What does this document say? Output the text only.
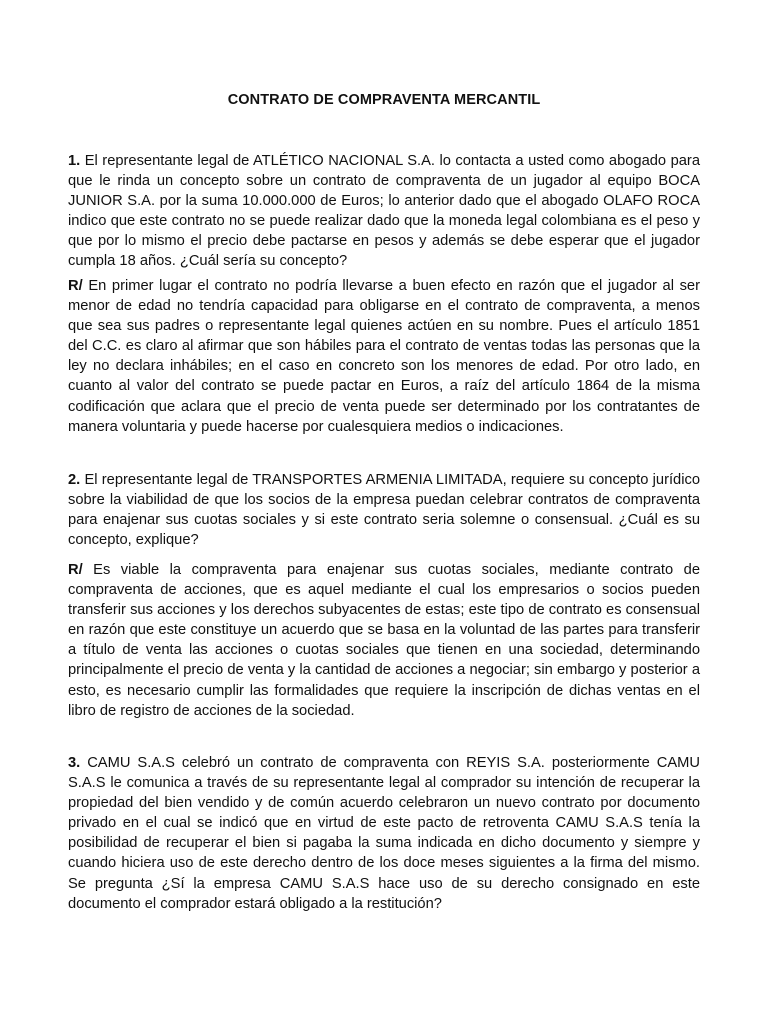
CONTRATO DE COMPRAVENTA MERCANTIL

1. El representante legal de ATLÉTICO NACIONAL S.A. lo contacta a usted como abogado para que le rinda un concepto sobre un contrato de compraventa de un jugador al equipo BOCA JUNIOR S.A. por la suma 10.000.000 de Euros; lo anterior dado que el abogado OLAFO ROCA indico que este contrato no se puede realizar dado que la moneda legal colombiana es el peso y que por lo mismo el precio debe pactarse en pesos y además se debe esperar que el jugador cumpla 18 años. ¿Cuál sería su concepto?

R/ En primer lugar el contrato no podría llevarse a buen efecto en razón que el jugador al ser menor de edad no tendría capacidad para obligarse en el contrato de compraventa, a menos que sea sus padres o representante legal quienes actúen en su nombre. Pues el artículo 1851 del C.C. es claro al afirmar que son hábiles para el contrato de ventas todas las personas que la ley no declara inhábiles; en el caso en concreto son los menores de edad. Por otro lado, en cuanto al valor del contrato se puede pactar en Euros, a raíz del artículo 1864 de la misma codificación que aclara que el precio de venta puede ser determinado por los contratantes de manera voluntaria y puede hacerse por cualesquiera medios o indicaciones.

2. El representante legal de TRANSPORTES ARMENIA LIMITADA, requiere su concepto jurídico sobre la viabilidad de que los socios de la empresa puedan celebrar contratos de compraventa para enajenar sus cuotas sociales y si este contrato seria solemne o consensual. ¿Cuál es su concepto, explique?

R/ Es viable la compraventa para enajenar sus cuotas sociales, mediante contrato de compraventa de acciones, que es aquel mediante el cual los empresarios o socios pueden transferir sus acciones y los derechos subyacentes de estas; este tipo de contrato es consensual en razón que este constituye un acuerdo que se basa en la voluntad de las partes para transferir a título de venta las acciones o cuotas sociales que tienen en una sociedad, determinando principalmente el precio de venta y la cantidad de acciones a negociar; sin embargo y posterior a esto, es necesario cumplir las formalidades que requiere la inscripción de dichas ventas en el libro de registro de acciones de la sociedad.

3. CAMU S.A.S celebró un contrato de compraventa con REYIS S.A. posteriormente CAMU S.A.S le comunica a través de su representante legal al comprador su intención de recuperar la propiedad del bien vendido y de común acuerdo celebraron un nuevo contrato por documento privado en el cual se indicó que en virtud de este pacto de retroventa CAMU S.A.S tenía la posibilidad de recuperar el bien si pagaba la suma indicada en dicho documento y siempre y cuando hiciera uso de este derecho dentro de los doce meses siguientes a la firma del mismo. Se pregunta ¿Sí la empresa CAMU S.A.S hace uso de su derecho consignado en este documento el comprador estará obligado a la restitución?
